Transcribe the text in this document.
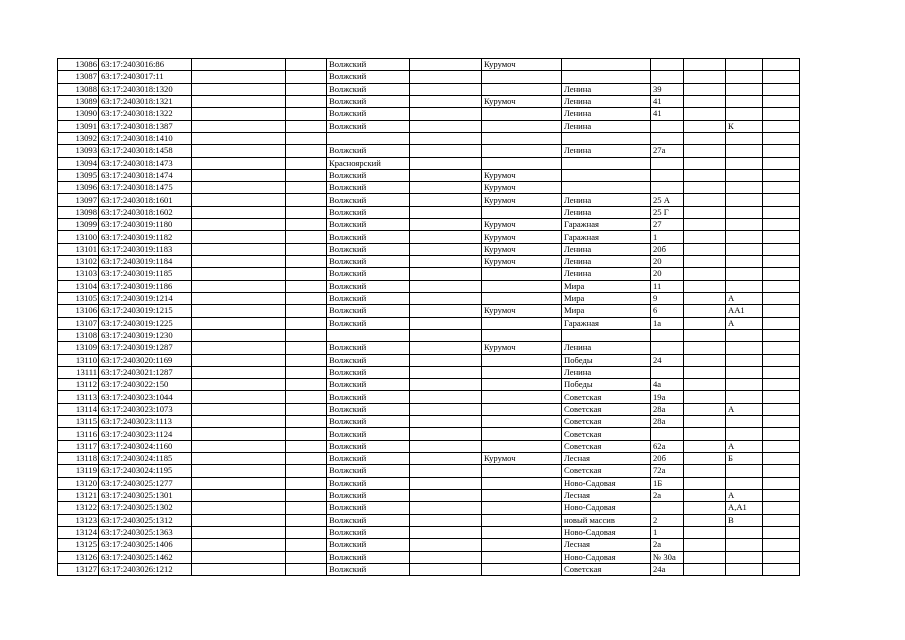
13086	63:17:2403016:86			Волжский		Курумоч					
13087	63:17:2403017:11			Волжский							
13088	63:17:2403018:1320			Волжский			Ленина	39			
13089	63:17:2403018:1321			Волжский		Курумоч	Ленина	41			
13090	63:17:2403018:1322			Волжский			Ленина	41			
13091	63:17:2403018:1387			Волжский			Ленина			К	
13092	63:17:2403018:1410										
13093	63:17:2403018:1458			Волжский			Ленина	27а			
13094	63:17:2403018:1473			Красноярский							
13095	63:17:2403018:1474			Волжский		Курумоч					
13096	63:17:2403018:1475			Волжский		Курумоч					
13097	63:17:2403018:1601			Волжский		Курумоч	Ленина	25 А			
13098	63:17:2403018:1602			Волжский			Ленина	25 Г			
13099	63:17:2403019:1180			Волжский		Курумоч	Гаражная	27			
13100	63:17:2403019:1182			Волжский		Курумоч	Гаражная	1			
13101	63:17:2403019:1183			Волжский		Курумоч	Ленина	20б			
13102	63:17:2403019:1184			Волжский		Курумоч	Ленина	20			
13103	63:17:2403019:1185			Волжский			Ленина	20			
13104	63:17:2403019:1186			Волжский			Мира	11			
13105	63:17:2403019:1214			Волжский			Мира	9		А	
13106	63:17:2403019:1215			Волжский		Курумоч	Мира	6		АА1	
13107	63:17:2403019:1225			Волжский			Гаражная	1а		А	
13108	63:17:2403019:1230										
13109	63:17:2403019:1287			Волжский		Курумоч	Ленина				
13110	63:17:2403020:1169			Волжский			Победы	24			
13111	63:17:2403021:1287			Волжский			Ленина				
13112	63:17:2403022:150			Волжский			Победы	4а			
13113	63:17:2403023:1044			Волжский			Советская	19а			
13114	63:17:2403023:1073			Волжский			Советская	28а		А	
13115	63:17:2403023:1113			Волжский			Советская	28а			
13116	63:17:2403023:1124			Волжский			Советская				
13117	63:17:2403024:1160			Волжский			Советская	62а		А	
13118	63:17:2403024:1185			Волжский		Курумоч	Лесная	20б		Б	
13119	63:17:2403024:1195			Волжский			Советская	72а			
13120	63:17:2403025:1277			Волжский			Ново-Садовая	1Б			
13121	63:17:2403025:1301			Волжский			Лесная	2а		А	
13122	63:17:2403025:1302			Волжский			Ново-Садовая			А,А1	
13123	63:17:2403025:1312			Волжский			новый массив	2		В	
13124	63:17:2403025:1363			Волжский			Ново-Садовая	1			
13125	63:17:2403025:1406			Волжский			Лесная	2а			
13126	63:17:2403025:1462			Волжский			Ново-Садовая	№ 30а			
13127	63:17:2403026:1212			Волжский			Советская	24а			
